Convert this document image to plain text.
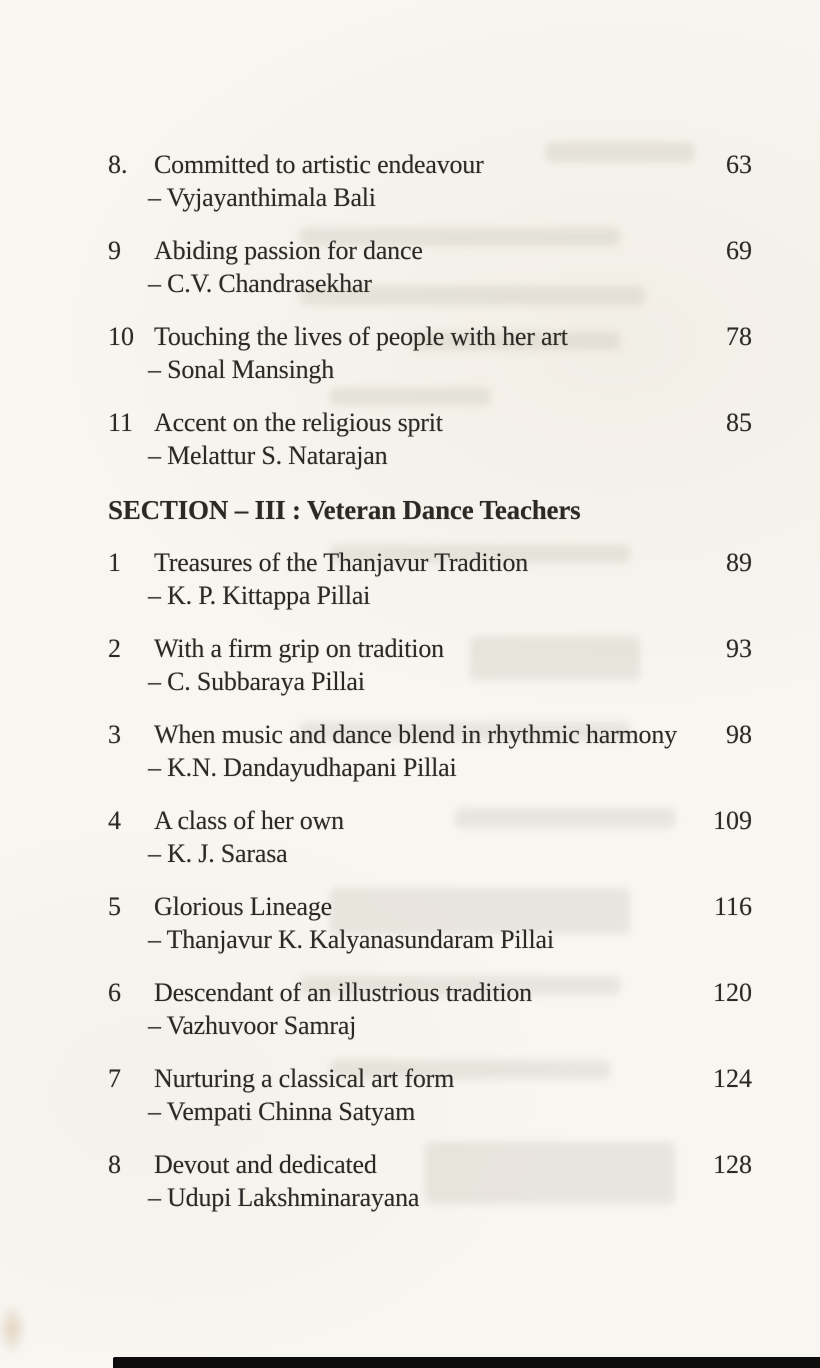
8.	Committed to artistic endeavour	63
– Vyjayanthimala Bali
9	Abiding passion for dance	69
– C.V. Chandrasekhar
10 Touching the lives of people with her art	78
– Sonal Mansingh
11 Accent on the religious sprit	85
– Melattur S. Natarajan
SECTION – III : Veteran Dance Teachers
1	Treasures of the Thanjavur Tradition	89
– K. P. Kittappa Pillai
2	With a firm grip on tradition	93
– C. Subbaraya Pillai
3	When music and dance blend in rhythmic harmony	98
– K.N. Dandayudhapani Pillai
4	A class of her own	109
– K. J. Sarasa
5	Glorious Lineage	116
– Thanjavur K. Kalyanasundaram Pillai
6	Descendant of an illustrious tradition	120
– Vazhuvoor Samraj
7	Nurturing a classical art form	124
– Vempati Chinna Satyam
8	Devout and dedicated	128
– Udupi Lakshminarayana
